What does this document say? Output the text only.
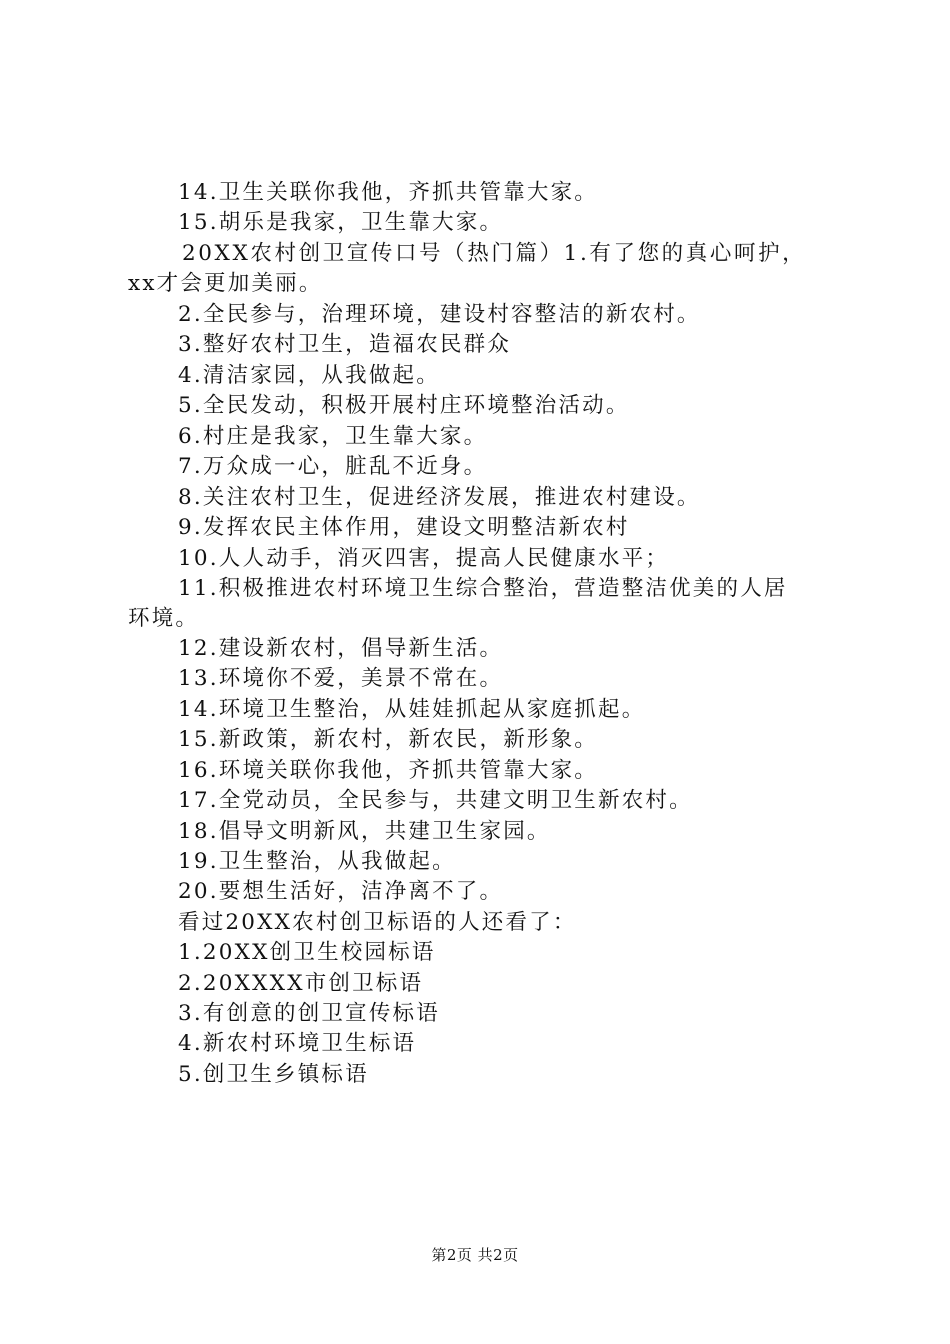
14.卫生关联你我他，齐抓共管靠大家。
15.胡乐是我家，卫生靠大家。
20XX农村创卫宣传口号（热门篇）1.有了您的真心呵护，
xx才会更加美丽。
2.全民参与，治理环境，建设村容整洁的新农村。
3.整好农村卫生，造福农民群众
4.清洁家园，从我做起。
5.全民发动，积极开展村庄环境整治活动。
6.村庄是我家，卫生靠大家。
7.万众成一心，脏乱不近身。
8.关注农村卫生，促进经济发展，推进农村建设。
9.发挥农民主体作用，建设文明整洁新农村
10.人人动手，消灭四害，提高人民健康水平；
11.积极推进农村环境卫生综合整治，营造整洁优美的人居
环境。
12.建设新农村，倡导新生活。
13.环境你不爱，美景不常在。
14.环境卫生整治，从娃娃抓起从家庭抓起。
15.新政策，新农村，新农民，新形象。
16.环境关联你我他，齐抓共管靠大家。
17.全党动员，全民参与，共建文明卫生新农村。
18.倡导文明新风，共建卫生家园。
19.卫生整治，从我做起。
20.要想生活好，洁净离不了。
看过20XX农村创卫标语的人还看了：
1.20XX创卫生校园标语
2.20XXXX市创卫标语
3.有创意的创卫宣传标语
4.新农村环境卫生标语
5.创卫生乡镇标语
第2页 共2页
